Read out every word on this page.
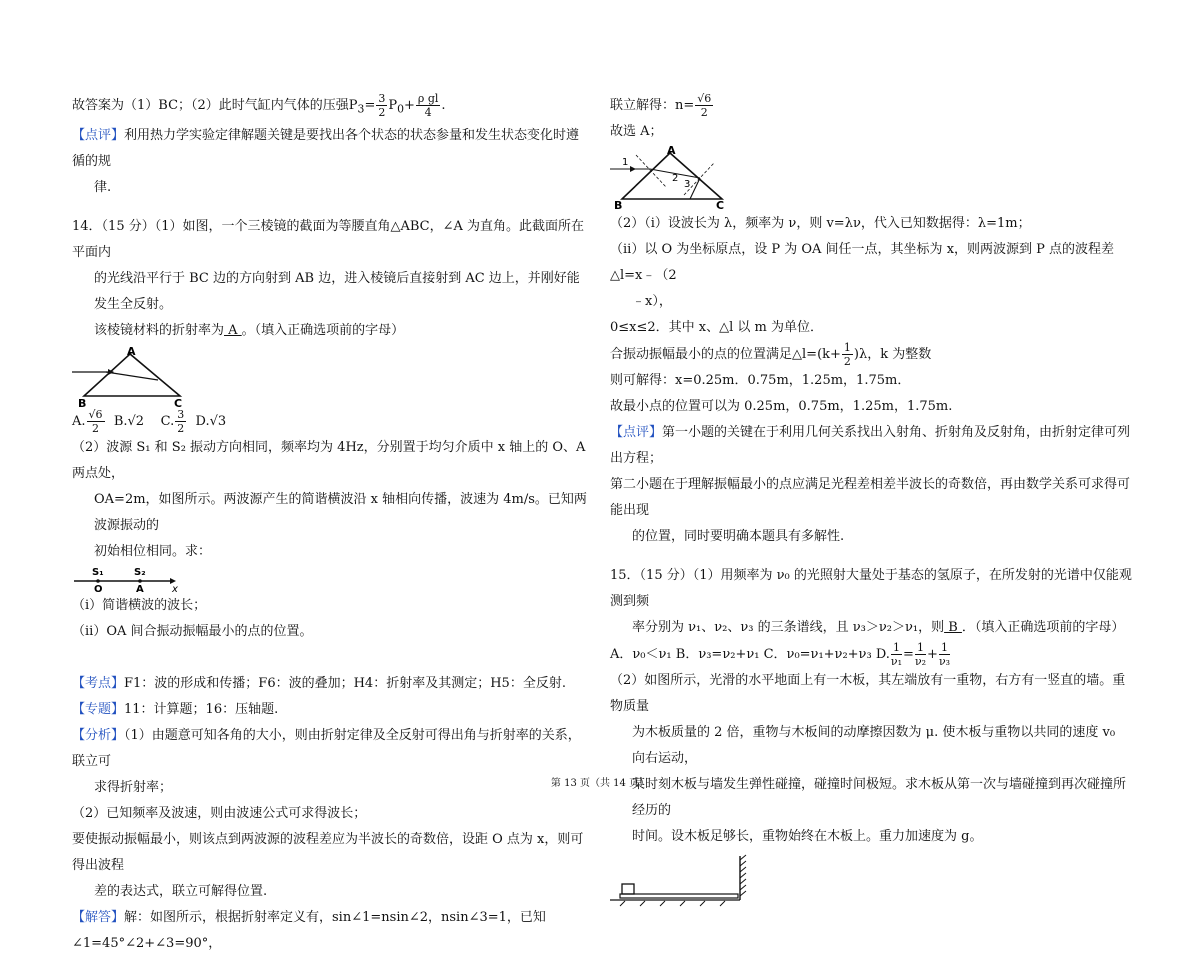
故答案为（1）BC；（2）此时气缸内气体的压强$P_3= \frac{3}{2} P_0+ \frac{\text{ρ gl}}{4}$ .

【点评】利用热力学实验定律解题关键是要找出各个状态的状态参量和发生状态变化时遵循的规

律.

14．（15 分）（1）如图，一个三棱镜的截面为等腰直角△ABC，∠A 为直角。此截面所在平面内

的光线沿平行于 BC 边的方向射到 AB 边，进入棱镜后直接射到 AC 边上，并刚好能发生全反射。

该棱镜材料的折射率为 A 。（填入正确选项前的字母）

A
B	C

A. $\frac{√6}{2} B.√2$ C. $\frac{3}{2} D.√3$

（2）波源 S₁ 和 S₂ 振动方向相同，频率均为 4Hz，分别置于均匀介质中 x 轴上的 O、A 两点处，

OA=2m，如图所示。两波源产生的简谐横波沿 x 轴相向传播，波速为 4m/s。已知两波源振动的

初始相位相同。求：

S₁	S₂
O	A	x

（i）简谐横波的波长；

（ii）OA 间合振动振幅最小的点的位置。

【考点】F1：波的形成和传播；F6：波的叠加；H4：折射率及其测定；H5：全反射.

【专题】11：计算题；16：压轴题.

【分析】（1）由题意可知各角的大小，则由折射定律及全反射可得出角与折射率的关系，联立可

求得折射率；

（2）已知频率及波速，则由波速公式可求得波长；

要使振动振幅最小，则该点到两波源的波程差应为半波长的奇数倍，设距 O 点为 x，则可得出波程

差的表达式，联立可解得位置.

【解答】解：如图所示，根据折射率定义有，sin∠1=nsin∠2，nsin∠3=1，已知∠1=45°∠2+∠3=90°，

联立解得：$n= \frac{√6}{2}$

故选 A；

A
B	C
1
2
3

（2）（i）设波长为 λ，频率为 ν，则 v=λν，代入已知数据得：λ=1m；

（ii）以 O 为坐标原点，设 P 为 OA 间任一点，其坐标为 x，则两波源到 P 点的波程差△l=x﹣（2

﹣x），

0≤x≤2．其中 x、△l 以 m 为单位．

合振动振幅最小的点的位置满足△l=(k+ $\frac{1}{2} )\lambda$，k 为整数

则可解得：x=0.25m．0.75m，1.25m，1.75m．

故最小点的位置可以为 0.25m，0.75m，1.25m，1.75m.

【点评】第一小题的关键在于利用几何关系找出入射角、折射角及反射角，由折射定律可列出方程；

第二小题在于理解振幅最小的点应满足光程差相差半波长的奇数倍，再由数学关系可求得可能出现

的位置，同时要明确本题具有多解性.

15．（15 分）（1）用频率为 ν₀ 的光照射大量处于基态的氢原子，在所发射的光谱中仅能观测到频

率分别为 ν₁、ν₂、ν₃ 的三条谱线，且 ν₃＞ν₂＞ν₁，则 B ．（填入正确选项前的字母）

A．ν₀＜ν₁ B．ν₃=ν₂+ν₁ C．ν₀=ν₁+ν₂+ν₃ D. $\frac{1}{\text{ν₁}} = \frac{1}{\text{ν₂}} + \frac{1}{\text{ν₃}}$

（2）如图所示，光滑的水平地面上有一木板，其左端放有一重物，右方有一竖直的墙。重物质量

为木板质量的 2 倍，重物与木板间的动摩擦因数为 μ. 使木板与重物以共同的速度 v₀ 向右运动，

某时刻木板与墙发生弹性碰撞，碰撞时间极短。求木板从第一次与墙碰撞到再次碰撞所经历的

时间。设木板足够长，重物始终在木板上。重力加速度为 g。

第 13 页（共 14 页）
